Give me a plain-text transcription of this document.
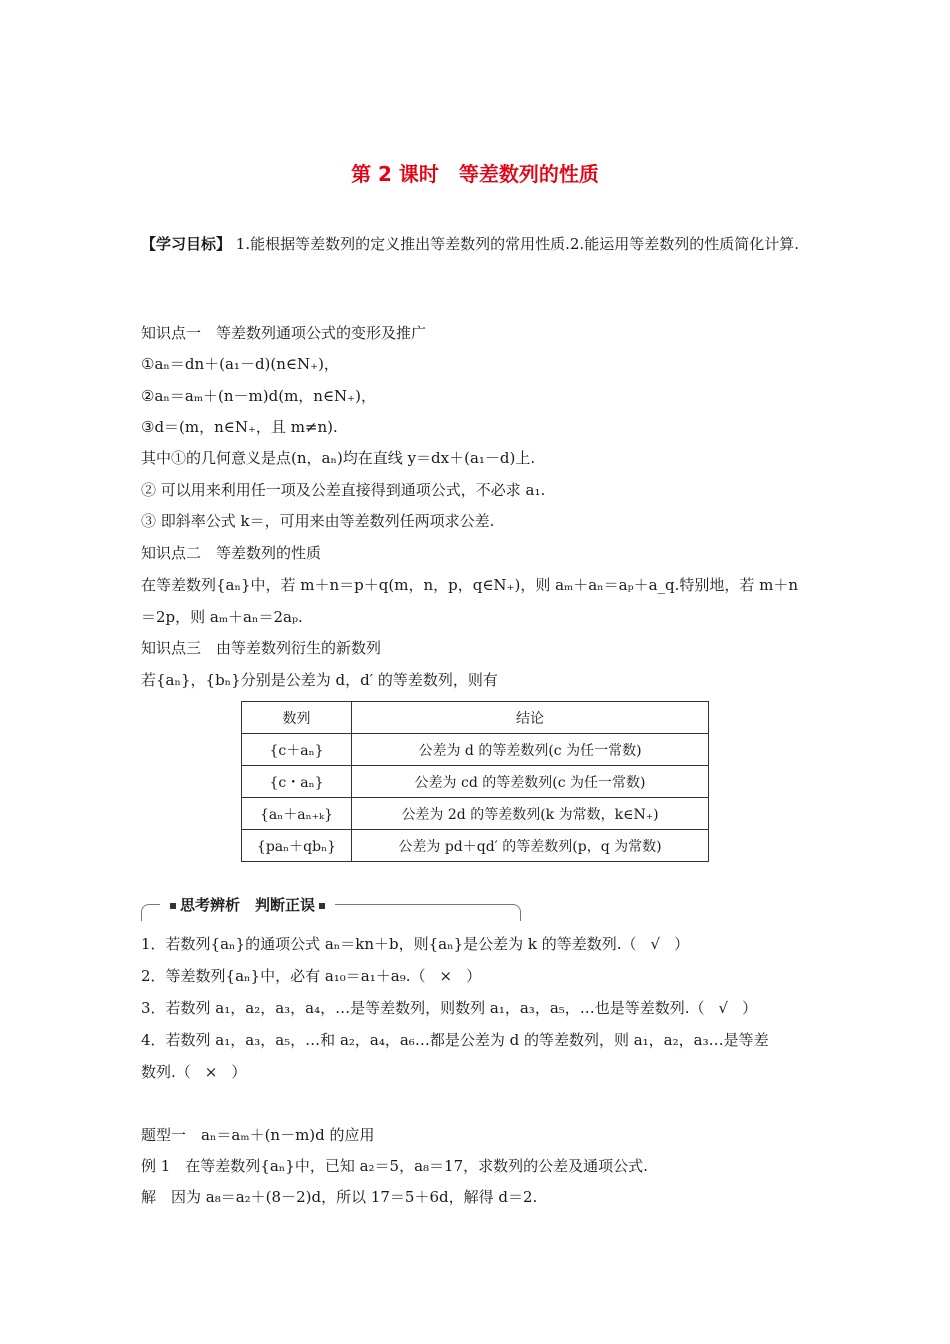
第 2 课时　等差数列的性质
【学习目标】 1.能根据等差数列的定义推出等差数列的常用性质.2.能运用等差数列的性质简化计算.
知识点一　等差数列通项公式的变形及推广
①aₙ＝dn＋(a₁－d)(n∈N₊)，
②aₙ＝aₘ＋(n－m)d(m，n∈N₊)，
③d＝(m，n∈N₊，且 m≠n).
其中①的几何意义是点(n，aₙ)均在直线 y＝dx＋(a₁－d)上.
② 可以用来利用任一项及公差直接得到通项公式，不必求 a₁.
③ 即斜率公式 k＝，可用来由等差数列任两项求公差.
知识点二　等差数列的性质
在等差数列{aₙ}中，若 m＋n＝p＋q(m，n，p，q∈N₊)，则 aₘ＋aₙ＝aₚ＋a_q.特别地，若 m＋n
＝2p，则 aₘ＋aₙ＝2aₚ.
知识点三　由等差数列衍生的新数列
若{aₙ}，{bₙ}分别是公差为 d，d′ 的等差数列，则有
数列	结论
{c＋aₙ}	公差为 d 的等差数列(c 为任一常数)
{c・aₙ}	公差为 cd 的等差数列(c 为任一常数)
{aₙ＋aₙ₊ₖ}	公差为 2d 的等差数列(k 为常数，k∈N₊)
{paₙ＋qbₙ}	公差为 pd＋qd′ 的等差数列(p，q 为常数)
思考辨析　判断正误
1．若数列{aₙ}的通项公式 aₙ＝kn＋b，则{aₙ}是公差为 k 的等差数列.（ √ ）
2．等差数列{aₙ}中，必有 a₁₀＝a₁＋a₉.（ × ）
3．若数列 a₁，a₂，a₃，a₄，…是等差数列，则数列 a₁，a₃，a₅，…也是等差数列.（ √ ）
4．若数列 a₁，a₃，a₅，…和 a₂，a₄，a₆…都是公差为 d 的等差数列，则 a₁，a₂，a₃…是等差
数列.（ × ）
题型一　aₙ＝aₘ＋(n－m)d 的应用
例 1　在等差数列{aₙ}中，已知 a₂＝5，a₈＝17，求数列的公差及通项公式.
解　因为 a₈＝a₂＋(8－2)d，所以 17＝5＋6d，解得 d＝2.
